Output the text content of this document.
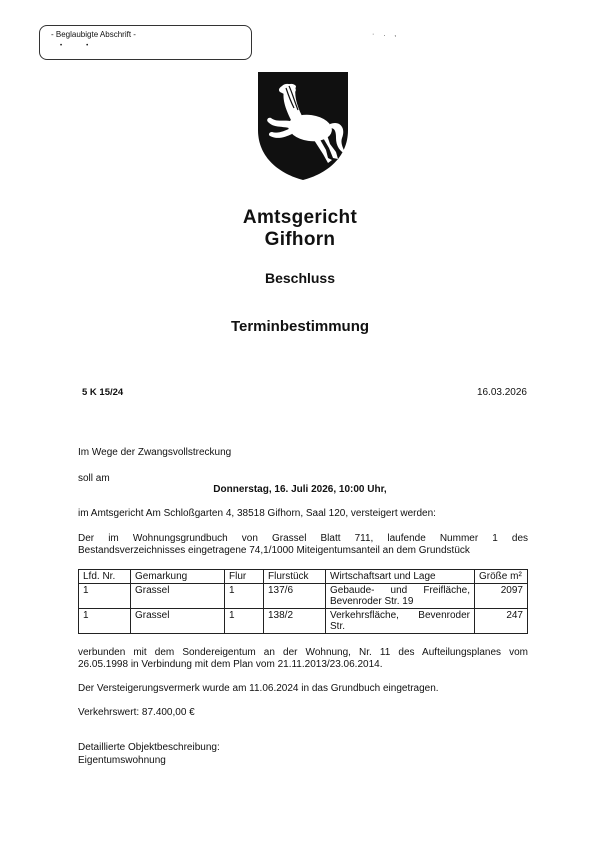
- Beglaubigte Abschrift -
••
·.,
Amtsgericht
Gifhorn
Beschluss
Terminbestimmung
5 K 15/24	16.03.2026
Im Wege der Zwangsvollstreckung
soll am
Donnerstag, 16. Juli 2026, 10:00 Uhr,
im Amtsgericht Am Schloßgarten 4, 38518 Gifhorn, Saal 120, versteigert werden:
Der im Wohnungsgrundbuch von Grassel Blatt 711, laufende Nummer 1 des
Bestandsverzeichnisses eingetragene 74,1/1000 Miteigentumsanteil an dem Grundstück
Lfd. Nr.	Gemarkung	Flur	Flurstück	Wirtschaftsart und Lage	Größe m²
1	Grassel	1	137/6	Gebaude- und Freifläche,
Bevenroder Str. 19	2097
1	Grassel	1	138/2	Verkehrsfläche, Bevenroder
Str.	247
verbunden mit dem Sondereigentum an der Wohnung, Nr. 11 des Aufteilungsplanes vom
26.05.1998 in Verbindung mit dem Plan vom 21.11.2013/23.06.2014.
Der Versteigerungsvermerk wurde am 11.06.2024 in das Grundbuch eingetragen.
Verkehrswert: 87.400,00 €
Detaillierte Objektbeschreibung:
Eigentumswohnung
